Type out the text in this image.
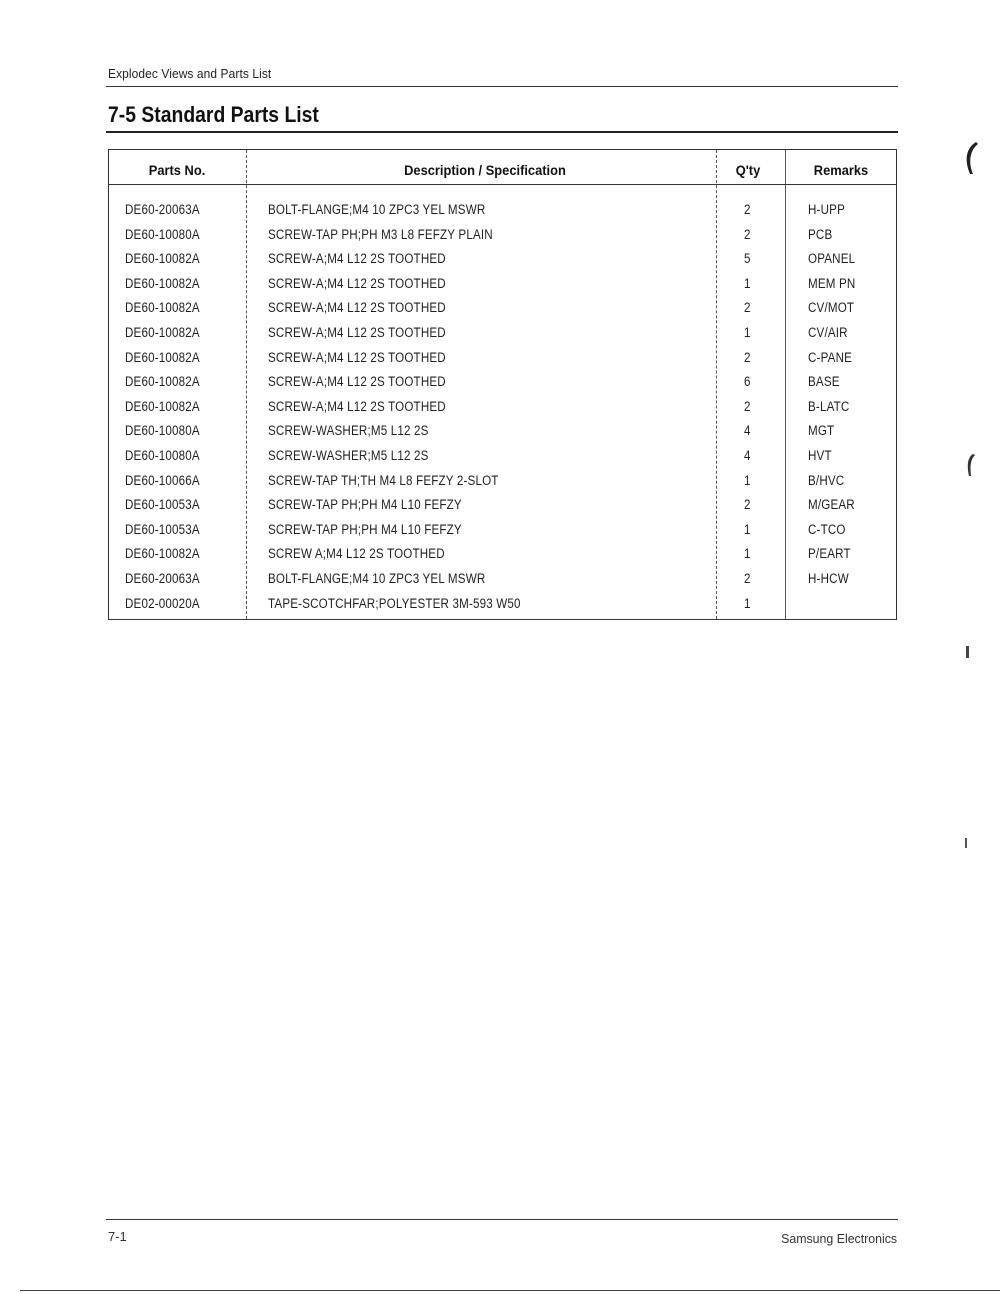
Explodec Views and Parts List
7-5 Standard Parts List
Parts No.	Description / Specification	Q'ty	Remarks
DE60-20063A	BOLT-FLANGE;M4 10 ZPC3 YEL MSWR	2	H-UPP
DE60-10080A	SCREW-TAP PH;PH M3 L8 FEFZY PLAIN	2	PCB
DE60-10082A	SCREW-A;M4 L12 2S TOOTHED	5	OPANEL
DE60-10082A	SCREW-A;M4 L12 2S TOOTHED	1	MEM PN
DE60-10082A	SCREW-A;M4 L12 2S TOOTHED	2	CV/MOT
DE60-10082A	SCREW-A;M4 L12 2S TOOTHED	1	CV/AIR
DE60-10082A	SCREW-A;M4 L12 2S TOOTHED	2	C-PANE
DE60-10082A	SCREW-A;M4 L12 2S TOOTHED	6	BASE
DE60-10082A	SCREW-A;M4 L12 2S TOOTHED	2	B-LATC
DE60-10080A	SCREW-WASHER;M5 L12 2S	4	MGT
DE60-10080A	SCREW-WASHER;M5 L12 2S	4	HVT
DE60-10066A	SCREW-TAP TH;TH M4 L8 FEFZY 2-SLOT	1	B/HVC
DE60-10053A	SCREW-TAP PH;PH M4 L10 FEFZY	2	M/GEAR
DE60-10053A	SCREW-TAP PH;PH M4 L10 FEFZY	1	C-TCO
DE60-10082A	SCREW A;M4 L12 2S TOOTHED	1	P/EART
DE60-20063A	BOLT-FLANGE;M4 10 ZPC3 YEL MSWR	2	H-HCW
DE02-00020A	TAPE-SCOTCHFAR;POLYESTER 3M-593 W50	1
7-1	Samsung Electronics
